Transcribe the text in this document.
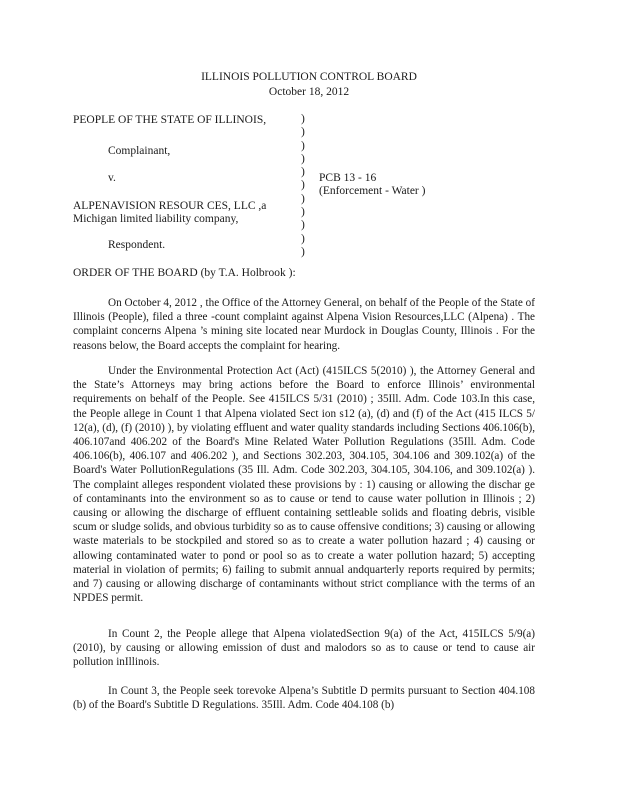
ILLINOIS POLLUTION CONTROL BOARD
October 18, 2012
PEOPLE OF THE STATE OF ILLINOIS,
Complainant,
v.
ALPENAVISION RESOUR CES, LLC ,a
Michigan limited liability company,
Respondent.
)
)
)
)
)
)
)
)
)
)
)
PCB 13 - 16
(Enforcement - Water )
ORDER OF THE BOARD (by T.A. Holbrook ):

On October 4, 2012 , the Office of the Attorney General, on behalf of the People of the State of Illinois (People), filed a three -count complaint against Alpena Vision Resources,LLC (Alpena) . The complaint concerns Alpena ’s mining site located near Murdock in Douglas County, Illinois . For the reasons below, the Board accepts the complaint for hearing.

Under the Environmental Protection Act (Act) (415ILCS 5(2010) ), the Attorney General and the State’s Attorneys may bring actions before the Board to enforce Illinois’ environmental requirements on behalf of the People. See 415ILCS 5/31 (2010) ; 35Ill. Adm. Code 103.In this case, the People allege in Count 1 that Alpena violated Sect ion s12 (a), (d) and (f) of the Act (415 ILCS 5/ 12(a), (d), (f) (2010) ), by violating effluent and water quality standards including Sections 406.106(b), 406.107and 406.202 of the Board's Mine Related Water Pollution Regulations (35Ill. Adm. Code 406.106(b), 406.107 and 406.202 ), and Sections 302.203, 304.105, 304.106 and 309.102(a) of the Board's Water PollutionRegulations (35 Ill. Adm. Code 302.203, 304.105, 304.106, and 309.102(a) ). The complaint alleges respondent violated these provisions by : 1) causing or allowing the dischar ge of contaminants into the environment so as to cause or tend to cause water pollution in Illinois ; 2) causing or allowing the discharge of effluent containing settleable solids and floating debris, visible scum or sludge solids, and obvious turbidity so as to cause offensive conditions; 3) causing or allowing waste materials to be stockpiled and stored so as to create a water pollution hazard ; 4) causing or allowing contaminated water to pond or pool so as to create a water pollution hazard; 5) accepting material in violation of permits; 6) failing to submit annual andquarterly reports required by permits; and 7) causing or allowing discharge of contaminants without strict compliance with the terms of an NPDES permit.

In Count 2, the People allege that Alpena violatedSection 9(a) of the Act, 415ILCS 5/9(a) (2010), by causing or allowing emission of dust and malodors so as to cause or tend to cause air pollution inIllinois.

In Count 3, the People seek torevoke Alpena’s Subtitle D permits pursuant to Section 404.108 (b) of the Board's Subtitle D Regulations. 35Ill. Adm. Code 404.108 (b)
